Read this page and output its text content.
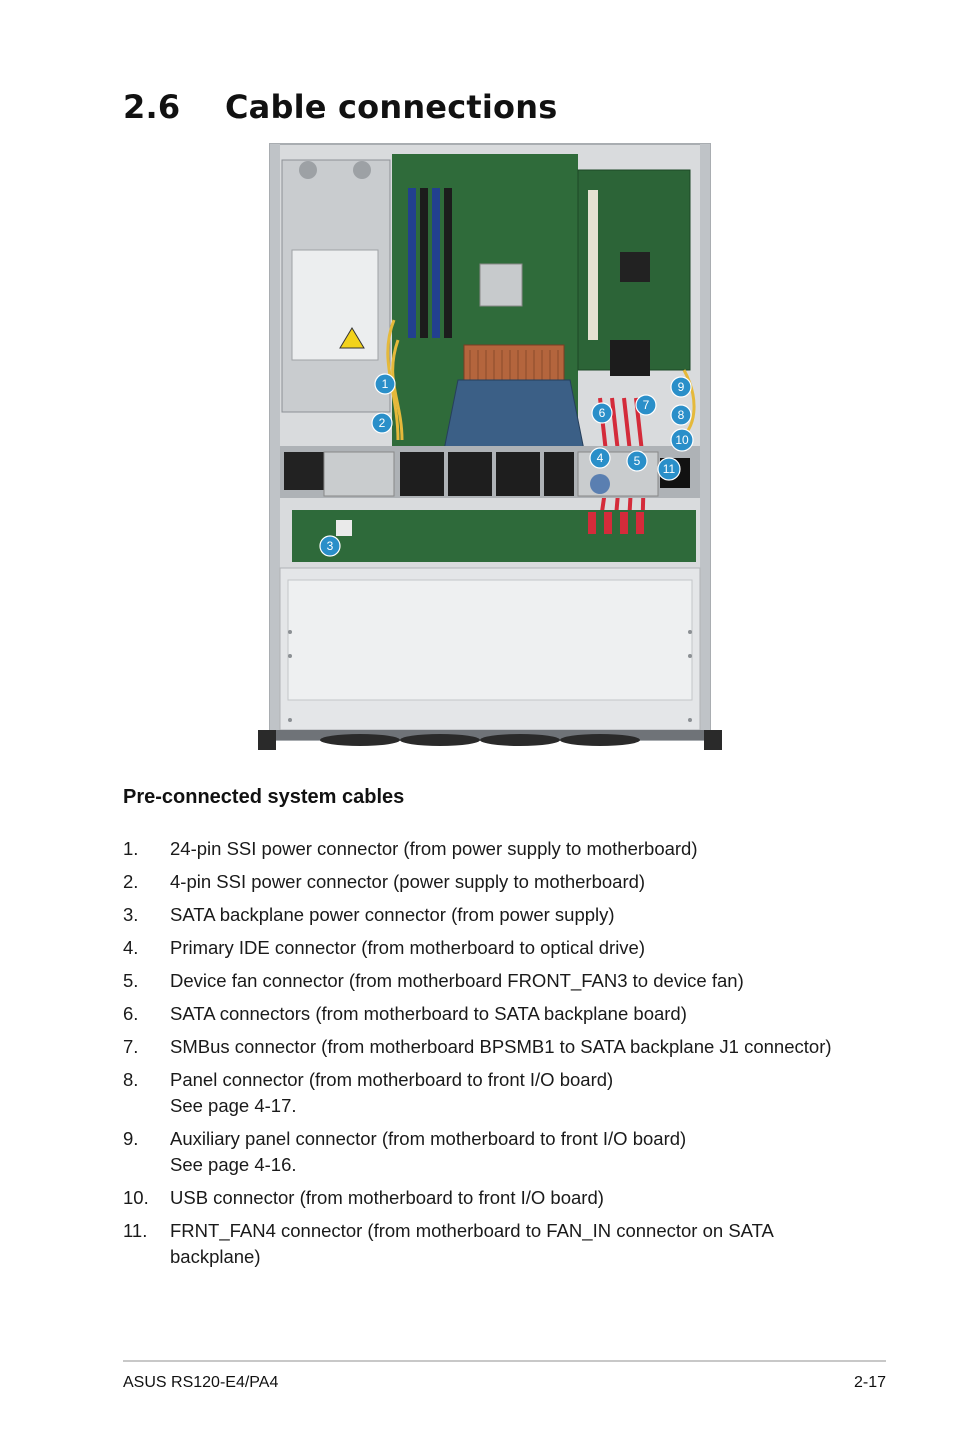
2.6 Cable connections
1
2
3
4	5
6
7
8
9
10
11
Pre-connected system cables
1.	24-pin SSI power connector (from power supply to motherboard)
2.	4-pin SSI power connector (power supply to motherboard)
3.	SATA backplane power connector (from power supply)
4.	Primary IDE connector (from motherboard to optical drive)
5.	Device fan connector (from motherboard FRONT_FAN3 to device fan)
6.	SATA connectors (from motherboard to SATA backplane board)
7.	SMBus connector (from motherboard BPSMB1 to SATA backplane J1 connector)
8.	Panel connector (from motherboard to front I/O board)
See page 4-17.
9.	Auxiliary panel connector (from motherboard to front I/O board)
See page 4-16.
10.	USB connector (from motherboard to front I/O board)
11.	FRNT_FAN4 connector (from motherboard to FAN_IN connector on SATA backplane)
ASUS RS120-E4/PA4	2-17
